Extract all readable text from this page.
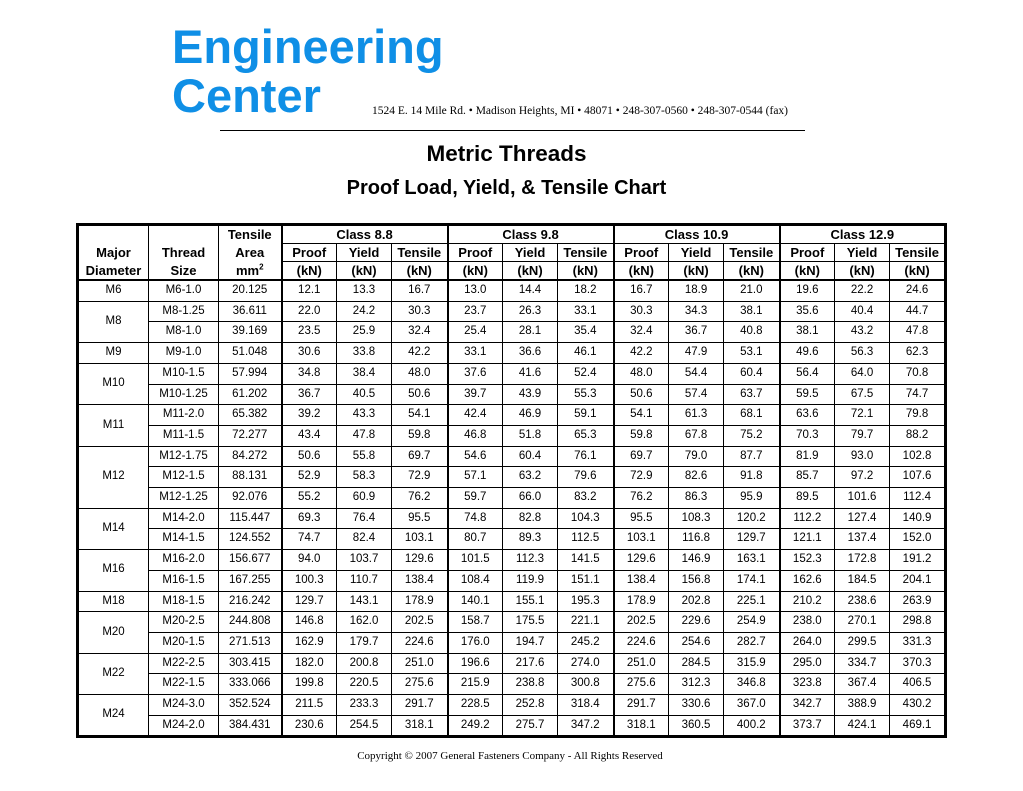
Engineering
Center	1524 E. 14 Mile Rd. • Madison Heights, MI • 48071 • 248-307-0560 • 248-307-0544 (fax)
Metric Threads
Proof Load, Yield, & Tensile Chart
		Tensile	Class 8.8			Class 9.8			Class 10.9			Class 12.9		
Major	Thread	Area	Proof	Yield	Tensile	Proof	Yield	Tensile	Proof	Yield	Tensile	Proof	Yield	Tensile
Diameter	Size	$mm^2$	(kN)	(kN)	(kN)	(kN)	(kN)	(kN)	(kN)	(kN)	(kN)	(kN)	(kN)	(kN)
M6	M6-1.0	20.125	12.1	13.3	16.7	13.0	14.4	18.2	16.7	18.9	21.0	19.6	22.2	24.6
M8	M8-1.25	36.611	22.0	24.2	30.3	23.7	26.3	33.1	30.3	34.3	38.1	35.6	40.4	44.7
	M8-1.0	39.169	23.5	25.9	32.4	25.4	28.1	35.4	32.4	36.7	40.8	38.1	43.2	47.8
M9	M9-1.0	51.048	30.6	33.8	42.2	33.1	36.6	46.1	42.2	47.9	53.1	49.6	56.3	62.3
M10	M10-1.5	57.994	34.8	38.4	48.0	37.6	41.6	52.4	48.0	54.4	60.4	56.4	64.0	70.8
	M10-1.25	61.202	36.7	40.5	50.6	39.7	43.9	55.3	50.6	57.4	63.7	59.5	67.5	74.7
M11	M11-2.0	65.382	39.2	43.3	54.1	42.4	46.9	59.1	54.1	61.3	68.1	63.6	72.1	79.8
	M11-1.5	72.277	43.4	47.8	59.8	46.8	51.8	65.3	59.8	67.8	75.2	70.3	79.7	88.2
M12	M12-1.75	84.272	50.6	55.8	69.7	54.6	60.4	76.1	69.7	79.0	87.7	81.9	93.0	102.8
	M12-1.5	88.131	52.9	58.3	72.9	57.1	63.2	79.6	72.9	82.6	91.8	85.7	97.2	107.6
	M12-1.25	92.076	55.2	60.9	76.2	59.7	66.0	83.2	76.2	86.3	95.9	89.5	101.6	112.4
M14	M14-2.0	115.447	69.3	76.4	95.5	74.8	82.8	104.3	95.5	108.3	120.2	112.2	127.4	140.9
	M14-1.5	124.552	74.7	82.4	103.1	80.7	89.3	112.5	103.1	116.8	129.7	121.1	137.4	152.0
M16	M16-2.0	156.677	94.0	103.7	129.6	101.5	112.3	141.5	129.6	146.9	163.1	152.3	172.8	191.2
	M16-1.5	167.255	100.3	110.7	138.4	108.4	119.9	151.1	138.4	156.8	174.1	162.6	184.5	204.1
M18	M18-1.5	216.242	129.7	143.1	178.9	140.1	155.1	195.3	178.9	202.8	225.1	210.2	238.6	263.9
M20	M20-2.5	244.808	146.8	162.0	202.5	158.7	175.5	221.1	202.5	229.6	254.9	238.0	270.1	298.8
	M20-1.5	271.513	162.9	179.7	224.6	176.0	194.7	245.2	224.6	254.6	282.7	264.0	299.5	331.3
M22	M22-2.5	303.415	182.0	200.8	251.0	196.6	217.6	274.0	251.0	284.5	315.9	295.0	334.7	370.3
	M22-1.5	333.066	199.8	220.5	275.6	215.9	238.8	300.8	275.6	312.3	346.8	323.8	367.4	406.5
M24	M24-3.0	352.524	211.5	233.3	291.7	228.5	252.8	318.4	291.7	330.6	367.0	342.7	388.9	430.2
	M24-2.0	384.431	230.6	254.5	318.1	249.2	275.7	347.2	318.1	360.5	400.2	373.7	424.1	469.1
Copyright © 2007 General Fasteners Company - All Rights Reserved
